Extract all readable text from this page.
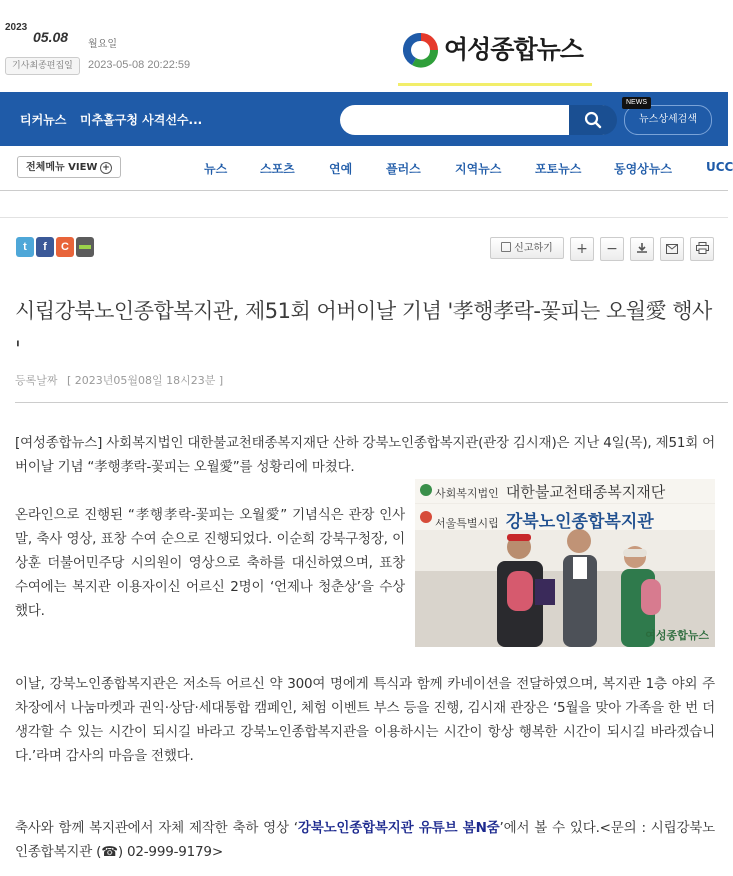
2023
05.08 월요일
기사최종편집일	2023-05-08 20:22:59
여성종합뉴스
티커뉴스 미추홀구청 사격선수...	뉴스상세검색
NEWS
전체메뉴 VIEW +	뉴스	스포츠	연예	플러스	지역뉴스	포토뉴스	동영상뉴스	UCC
t	f	C	신고하기	+	−
시립강북노인종합복지관, 제51회 어버이날 기념 '孝행孝락-꽃피는 오월愛 행사 '
등록날짜 [ 2023년05월08일 18시23분 ]
[여성종합뉴스] 사회복지법인 대한불교천태종복지재단 산하 강북노인종합복지관(관장 김시재)은 지난 4일(목), 제51회 어버이날 기념 “孝행孝락-꽃피는 오월愛”를 성황리에 마쳤다.
온라인으로 진행된 “孝행孝락-꽃피는 오월愛” 기념식은 관장 인사말, 축사 영상, 표창 수여 순으로 진행되었다. 이순희 강북구청장, 이상훈 더불어민주당 시의원이 영상으로 축하를 대신하였으며, 표창 수여에는 복지관 이용자이신 어르신 2명이 ‘언제나 청춘상’을 수상했다.
사회복지법인 대한불교천태종복지재단
서울특별시립 강북노인종합복지관
여성종합뉴스
이날, 강북노인종합복지관은 저소득 어르신 약 300여 명에게 특식과 함께 카네이션을 전달하였으며, 복지관 1층 야외 주차장에서 나눔마켓과 권익·상담·세대통합 캠페인, 체험 이벤트 부스 등을 진행, 김시재 관장은 ‘5월을 맞아 가족을 한 번 더 생각할 수 있는 시간이 되시길 바라고 강북노인종합복지관을 이용하시는 시간이 항상 행복한 시간이 되시길 바라겠습니다.’라며 감사의 마음을 전했다.
축사와 함께 복지관에서 자체 제작한 축하 영상 ‘강북노인종합복지관 유튜브 봄N줌’에서 볼 수 있다.<문의 : 시립강북노인종합복지관 (☎) 02-999-9179>
